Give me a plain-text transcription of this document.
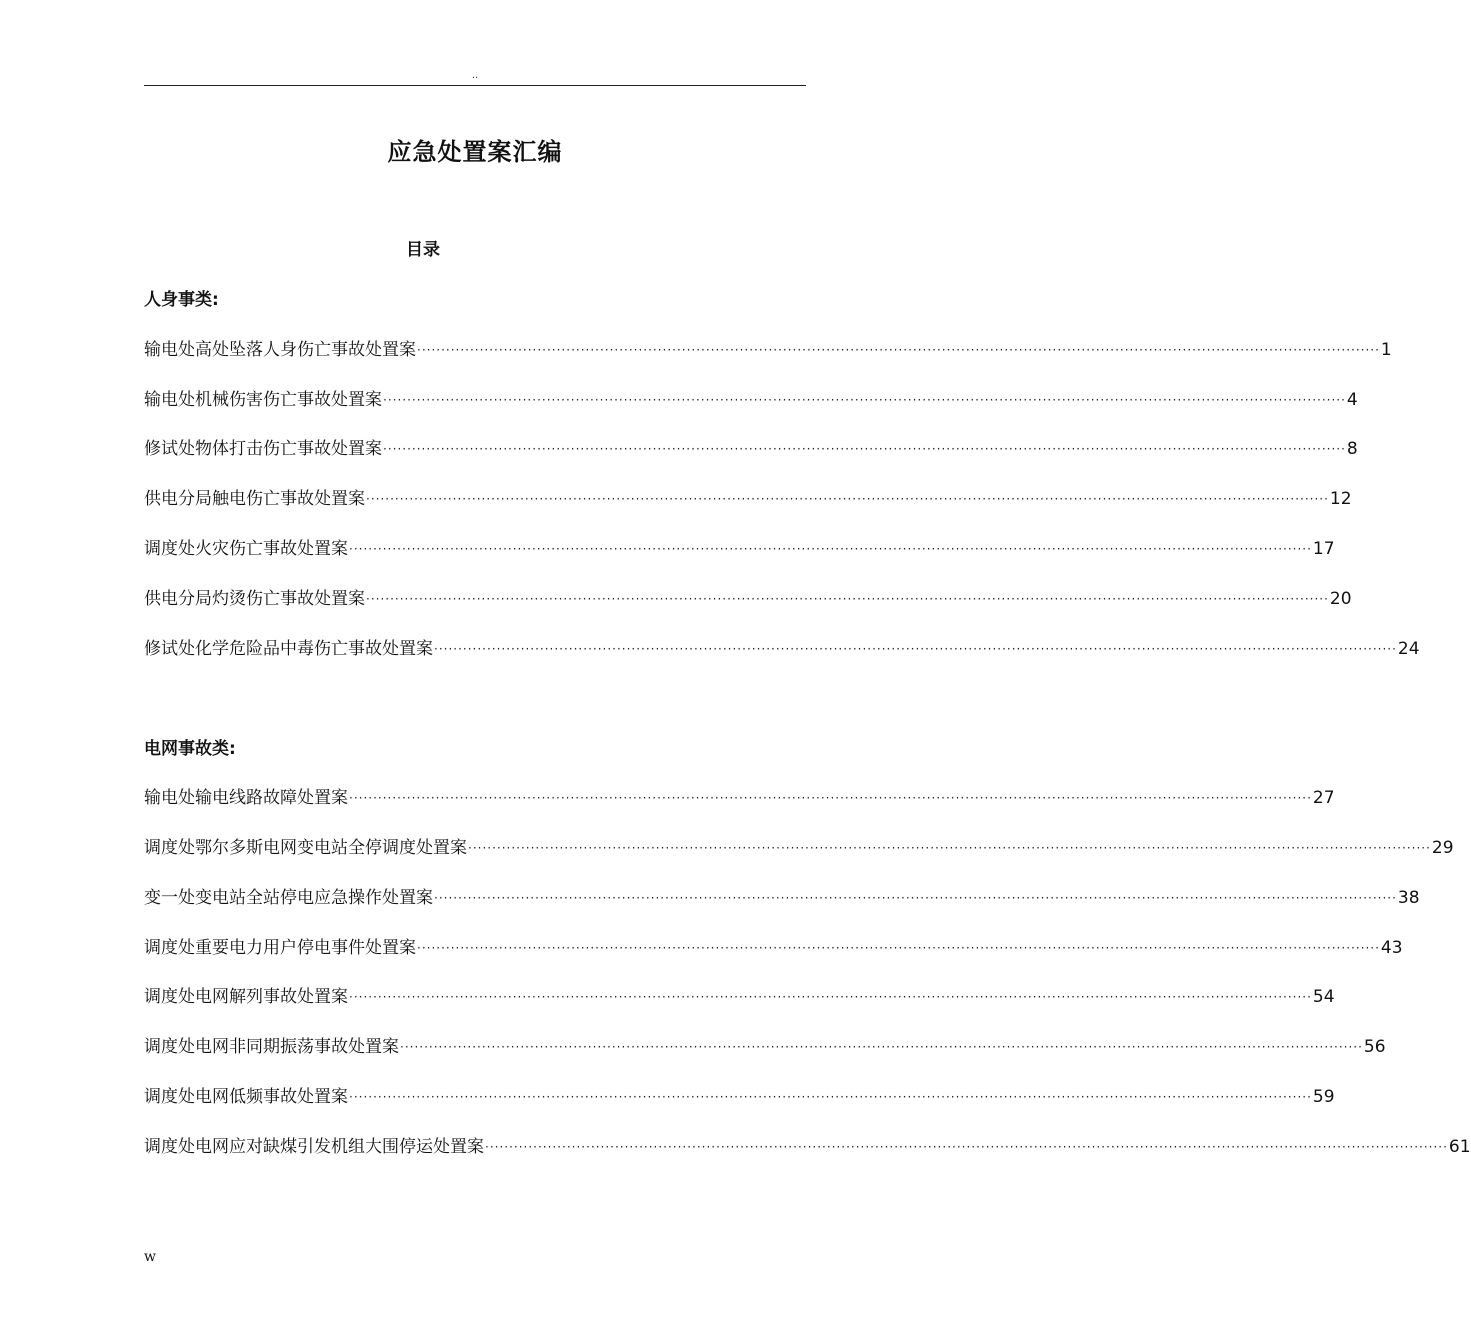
..
应急处置案汇编
目录
人身事类:
输电处高处坠落人身伤亡事故处置案 ········································································································································································································ 1
输电处机械伤害伤亡事故处置案 ········································································································································································································ 4
修试处物体打击伤亡事故处置案 ········································································································································································································ 8
供电分局触电伤亡事故处置案 ········································································································································································································ 12
调度处火灾伤亡事故处置案 ········································································································································································································ 17
供电分局灼烫伤亡事故处置案 ········································································································································································································ 20
修试处化学危险品中毒伤亡事故处置案 ········································································································································································································ 24
电网事故类:
输电处输电线路故障处置案 ········································································································································································································ 27
调度处鄂尔多斯电网变电站全停调度处置案 ········································································································································································································ 29
变一处变电站全站停电应急操作处置案 ········································································································································································································ 38
调度处重要电力用户停电事件处置案 ········································································································································································································ 43
调度处电网解列事故处置案 ········································································································································································································ 54
调度处电网非同期振荡事故处置案 ········································································································································································································ 56
调度处电网低频事故处置案 ········································································································································································································ 59
调度处电网应对缺煤引发机组大围停运处置案 ········································································································································································································ 61
w
